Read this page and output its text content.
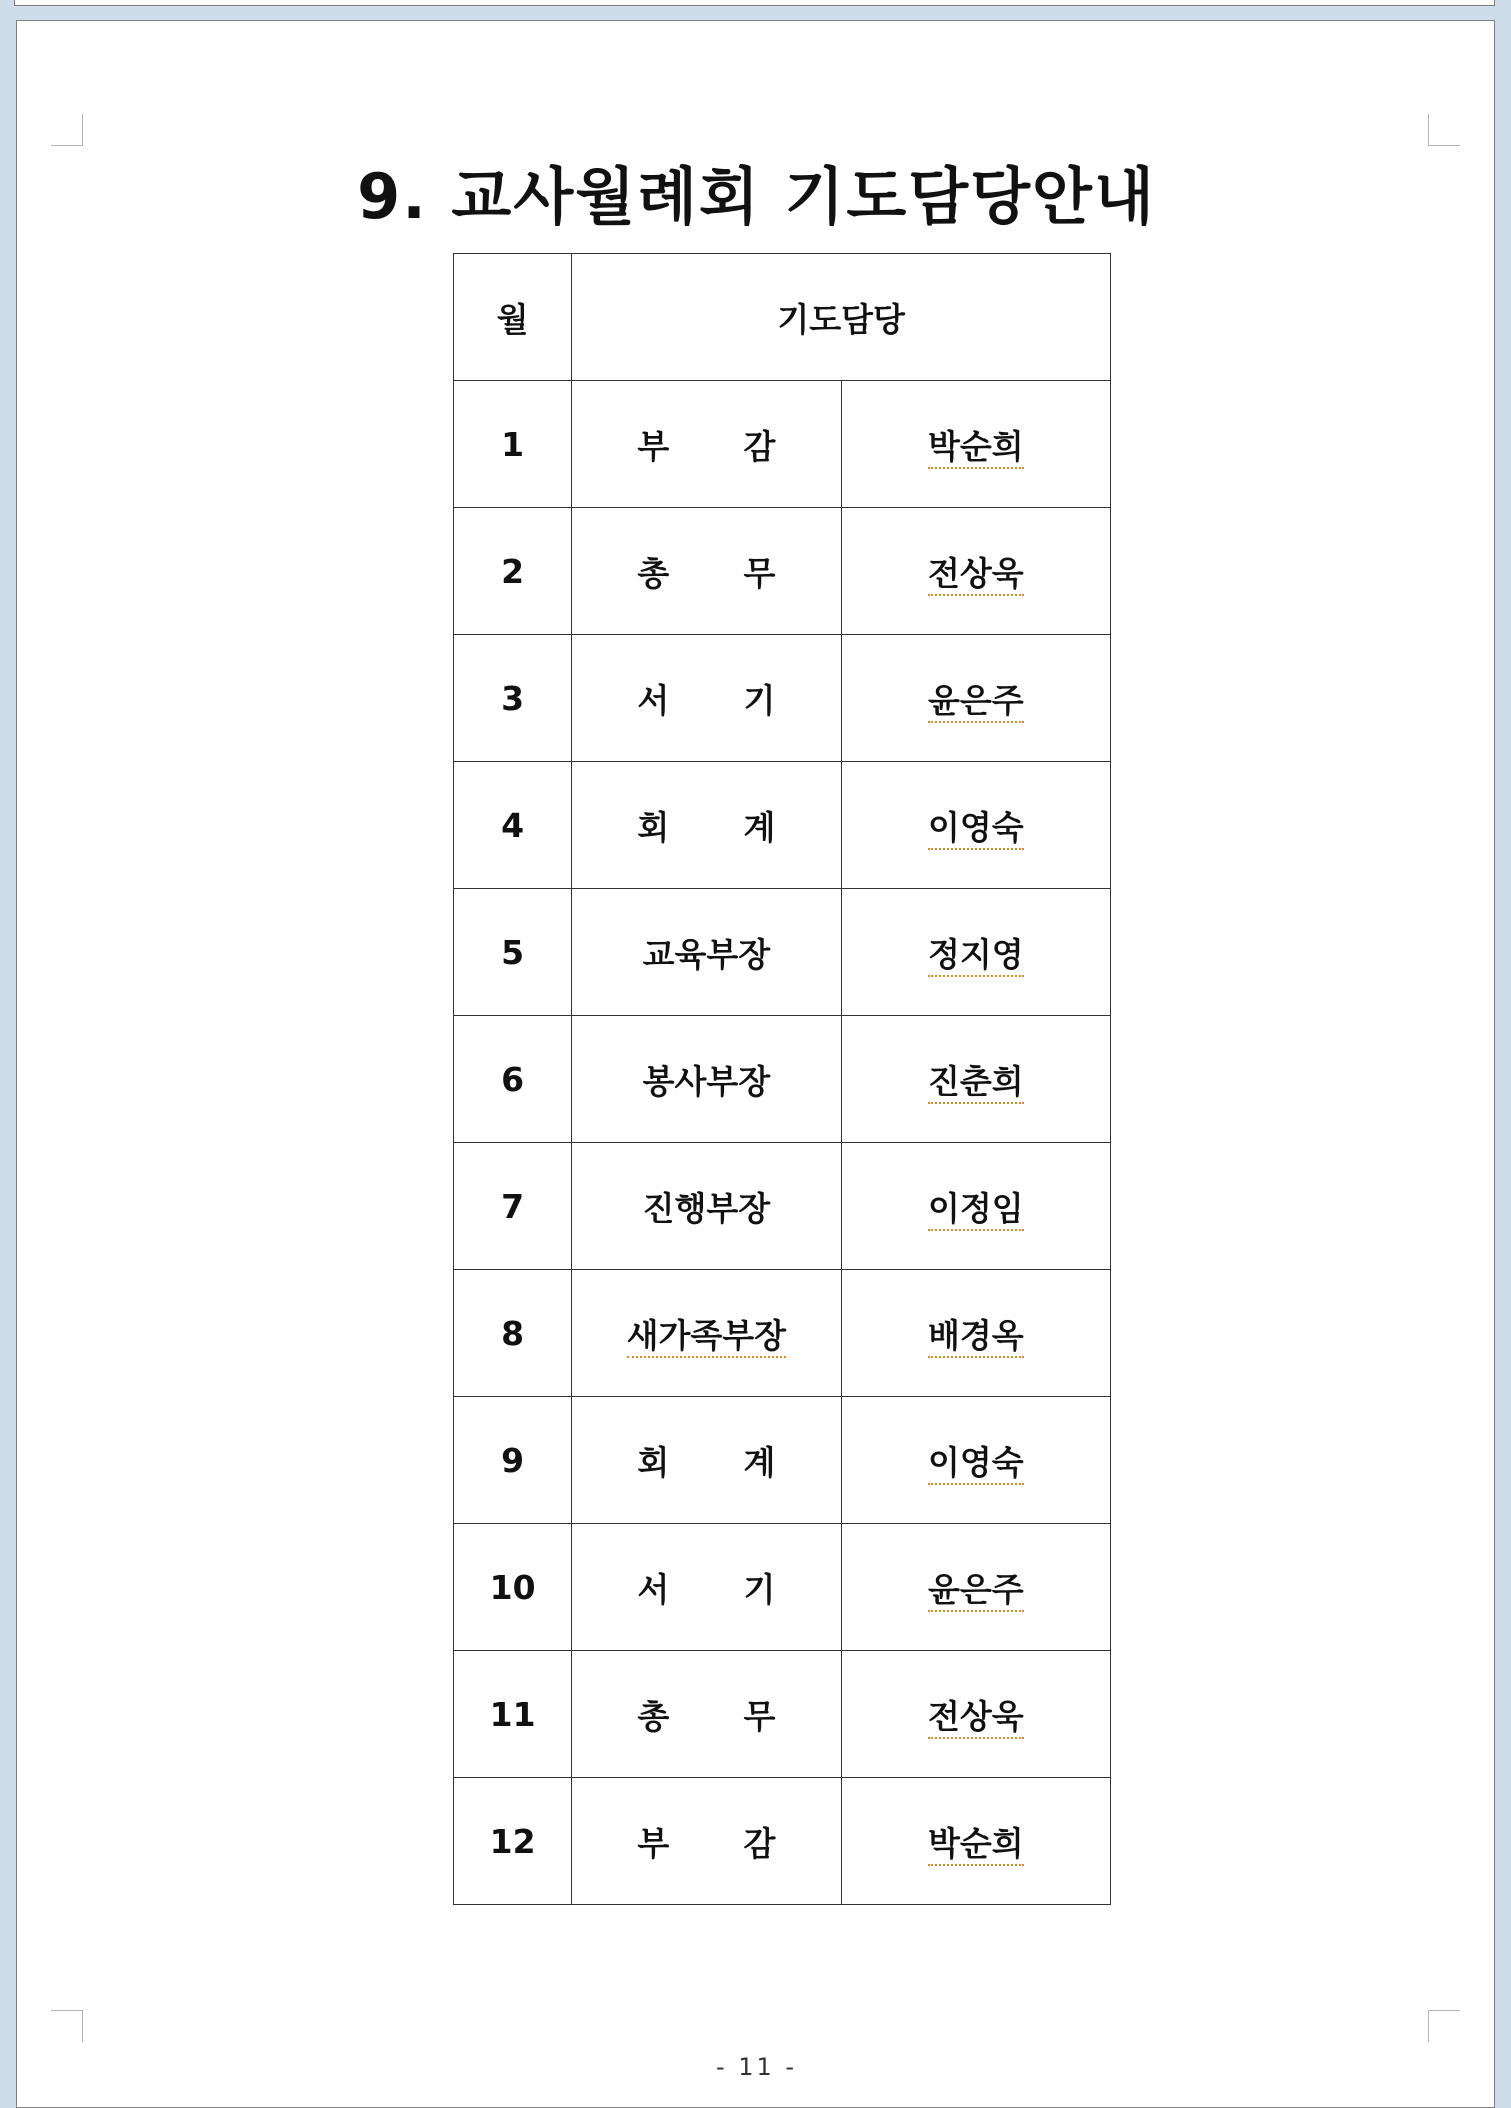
9. 교사월례회 기도담당안내
월	기도담당	
1	부 감	박순희
2	총 무	전상욱
3	서 기	윤은주
4	회 계	이영숙
5	교육부장	정지영
6	봉사부장	진춘희
7	진행부장	이정임
8	새가족부장	배경옥
9	회 계	이영숙
10	서 기	윤은주
11	총 무	전상욱
12	부 감	박순희
- 11 -
